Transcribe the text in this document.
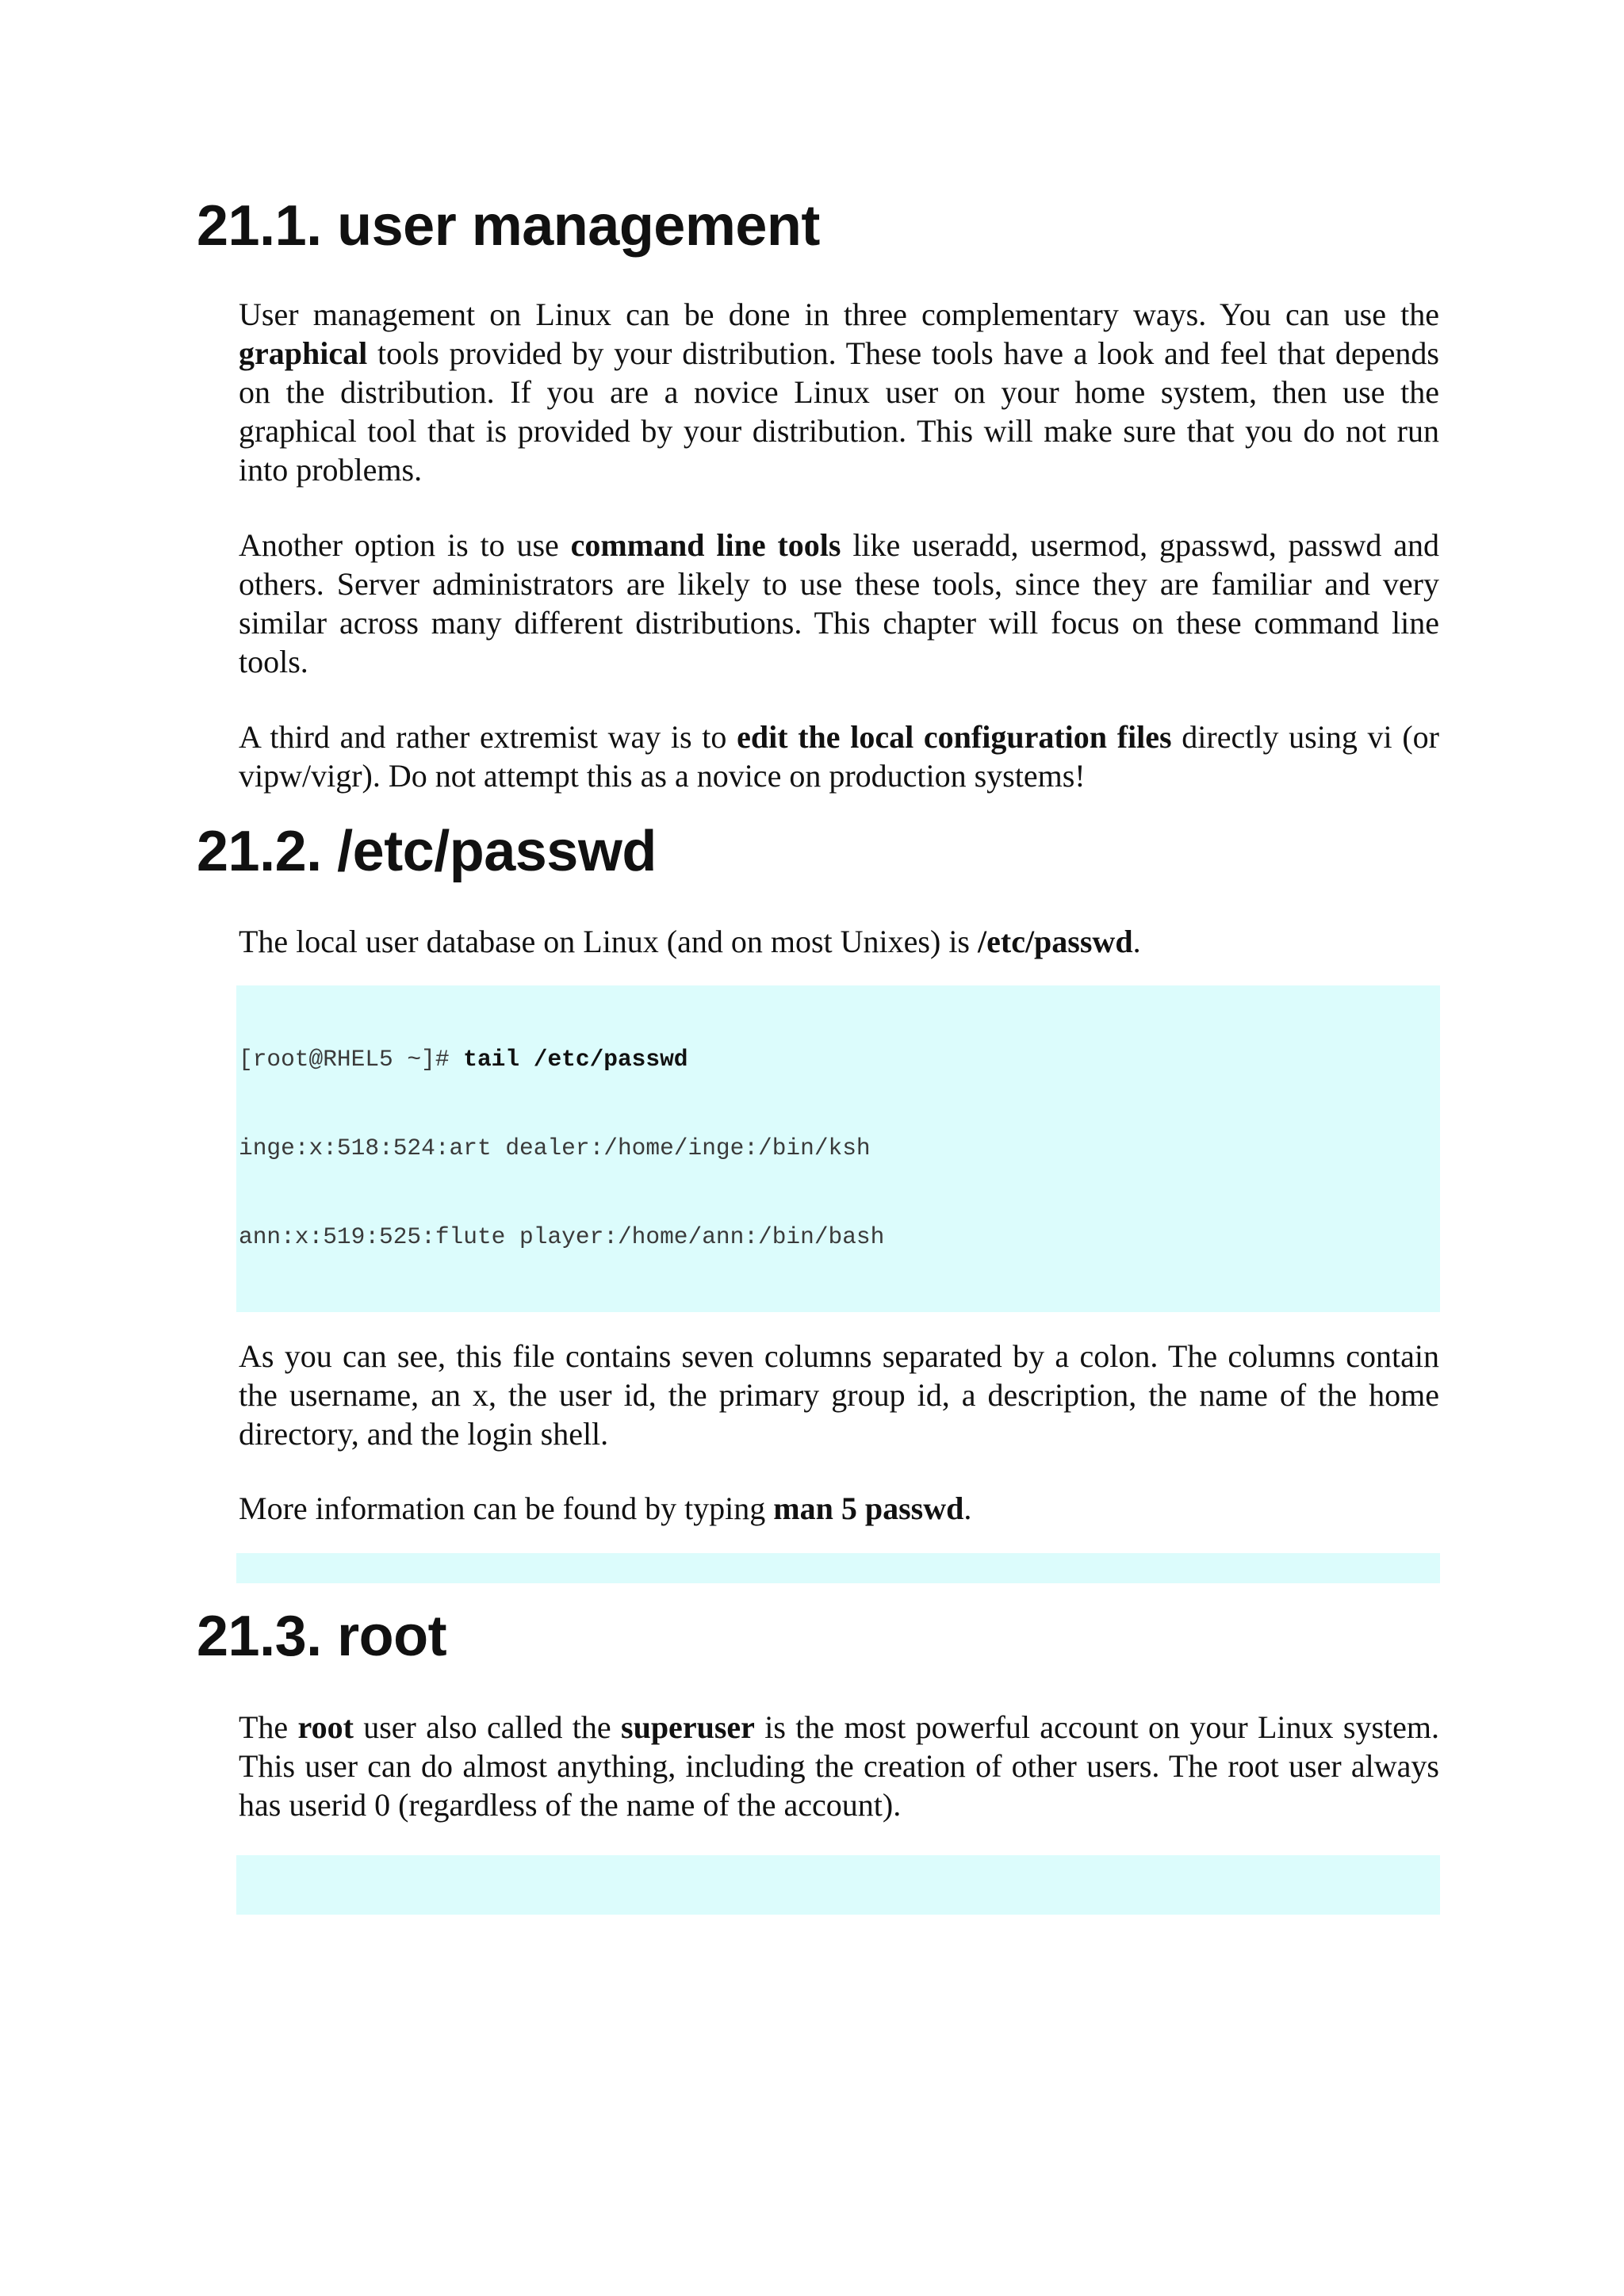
21.1. user management

User management on Linux can be done in three complementary ways. You can use the graphical tools provided by your distribution. These tools have a look and feel that depends on the distribution. If you are a novice Linux user on your home system, then use the graphical tool that is provided by your distribution. This will make sure that you do not run into problems.

Another option is to use command line tools like useradd, usermod, gpasswd, passwd and others. Server administrators are likely to use these tools, since they are familiar and very similar across many different distributions. This chapter will focus on these command line tools.

A third and rather extremist way is to edit the local configuration files directly using vi (or vipw/vigr). Do not attempt this as a novice on production systems!

21.2. /etc/passwd

The local user database on Linux (and on most Unixes) is /etc/passwd.

[root@RHEL5 ~]# tail /etc/passwd

inge:x:518:524:art dealer:/home/inge:/bin/ksh

ann:x:519:525:flute player:/home/ann:/bin/bash

As you can see, this file contains seven columns separated by a colon. The columns contain the username, an x, the user id, the primary group id, a description, the name of the home directory, and the login shell.

More information can be found by typing man 5 passwd.

21.3. root

The root user also called the superuser is the most powerful account on your Linux system. This user can do almost anything, including the creation of other users. The root user always has userid 0 (regardless of the name of the account).
